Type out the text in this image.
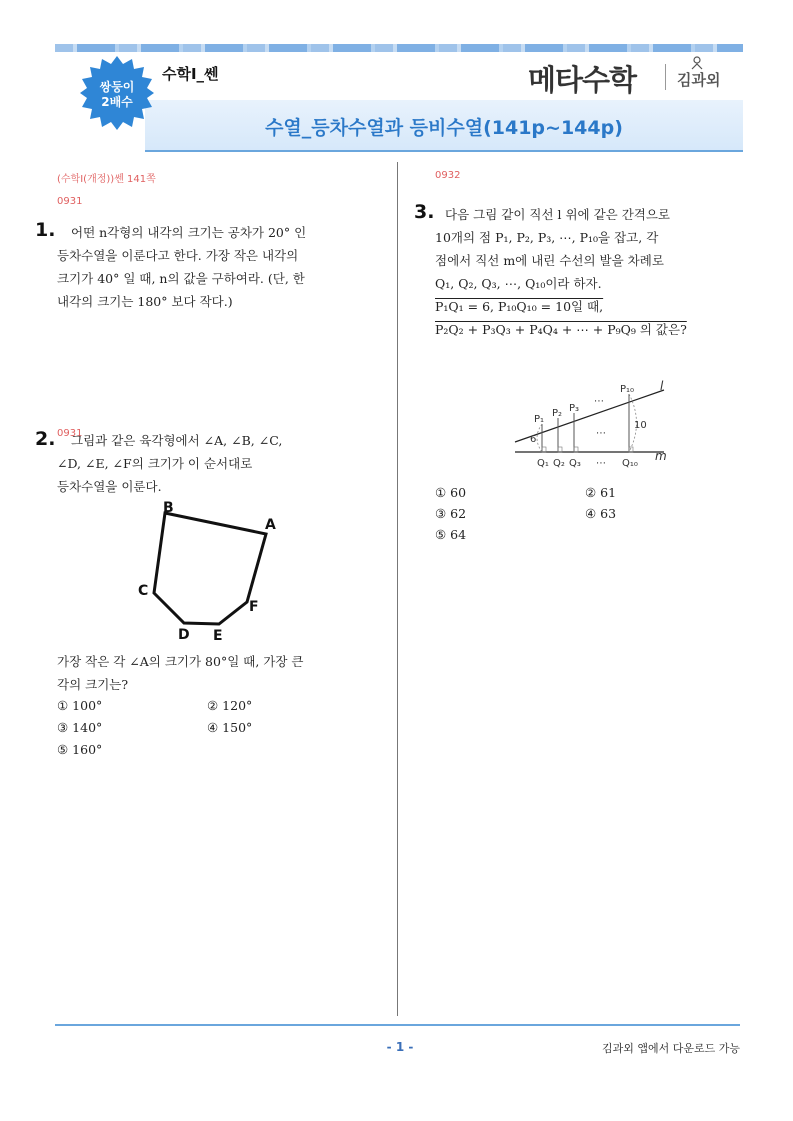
쌍둥이
2배수
수학Ⅰ_쎈	메타수학	김과외
수열_등차수열과 등비수열(141p~144p)
(수학Ⅰ(개정))쎈 141쪽
0931
1.	어떤 n각형의 내각의 크기는 공차가 20° 인
등차수열을 이룬다고 한다. 가장 작은 내각의
크기가 40° 일 때, n의 값을 구하여라. (단, 한
내각의 크기는 180° 보다 작다.)
0931
2.	그림과 같은 육각형에서 ∠A, ∠B, ∠C,
∠D, ∠E, ∠F의 크기가 이 순서대로
등차수열을 이룬다.
B
A
C
F
D E
가장 작은 각 ∠A의 크기가 80°일 때, 가장 큰
각의 크기는?
① 100°	② 120°
③ 140°	④ 150°
⑤ 160°
0932
3. 다음 그림 같이 직선 l 위에 같은 간격으로
10개의 점 P₁, P₂, P₃, ⋯, P₁₀을 잡고, 각
점에서 직선 m에 내린 수선의 발을 차례로
Q₁, Q₂, Q₃, ⋯, Q₁₀이라 하자.
P₁Q₁ = 6, P₁₀Q₁₀ = 10일 때,
P₂Q₂ + P₃Q₃ + P₄Q₄ + ⋯ + P₉Q₉ 의 값은?
l
m
P₁
P₂ P₃
⋯
P₁₀
⋯
6
10
Q₁ Q₂ Q₃ ⋯ Q₁₀
① 60	② 61
③ 62	④ 63
⑤ 64
- 1 -	김과외 앱에서 다운로드 가능
